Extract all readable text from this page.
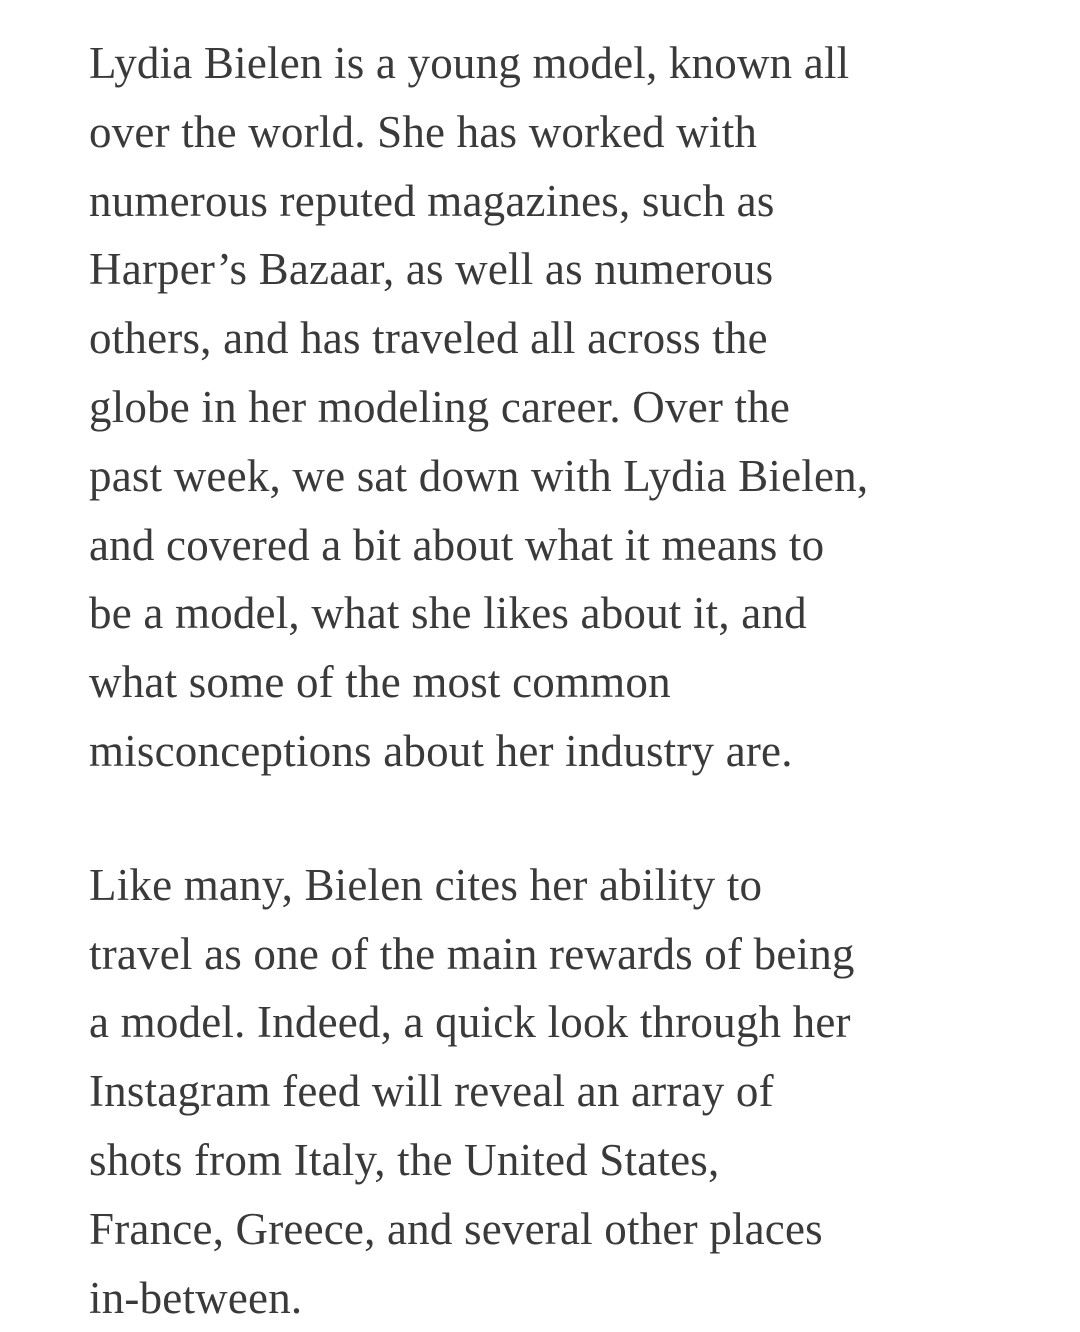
Lydia Bielen is a young model, known all
over the world. She has worked with
numerous reputed magazines, such as
Harper’s Bazaar, as well as numerous
others, and has traveled all across the
globe in her modeling career. Over the
past week, we sat down with Lydia Bielen,
and covered a bit about what it means to
be a model, what she likes about it, and
what some of the most common
misconceptions about her industry are.

Like many, Bielen cites her ability to
travel as one of the main rewards of being
a model. Indeed, a quick look through her
Instagram feed will reveal an array of
shots from Italy, the United States,
France, Greece, and several other places
in-between.
